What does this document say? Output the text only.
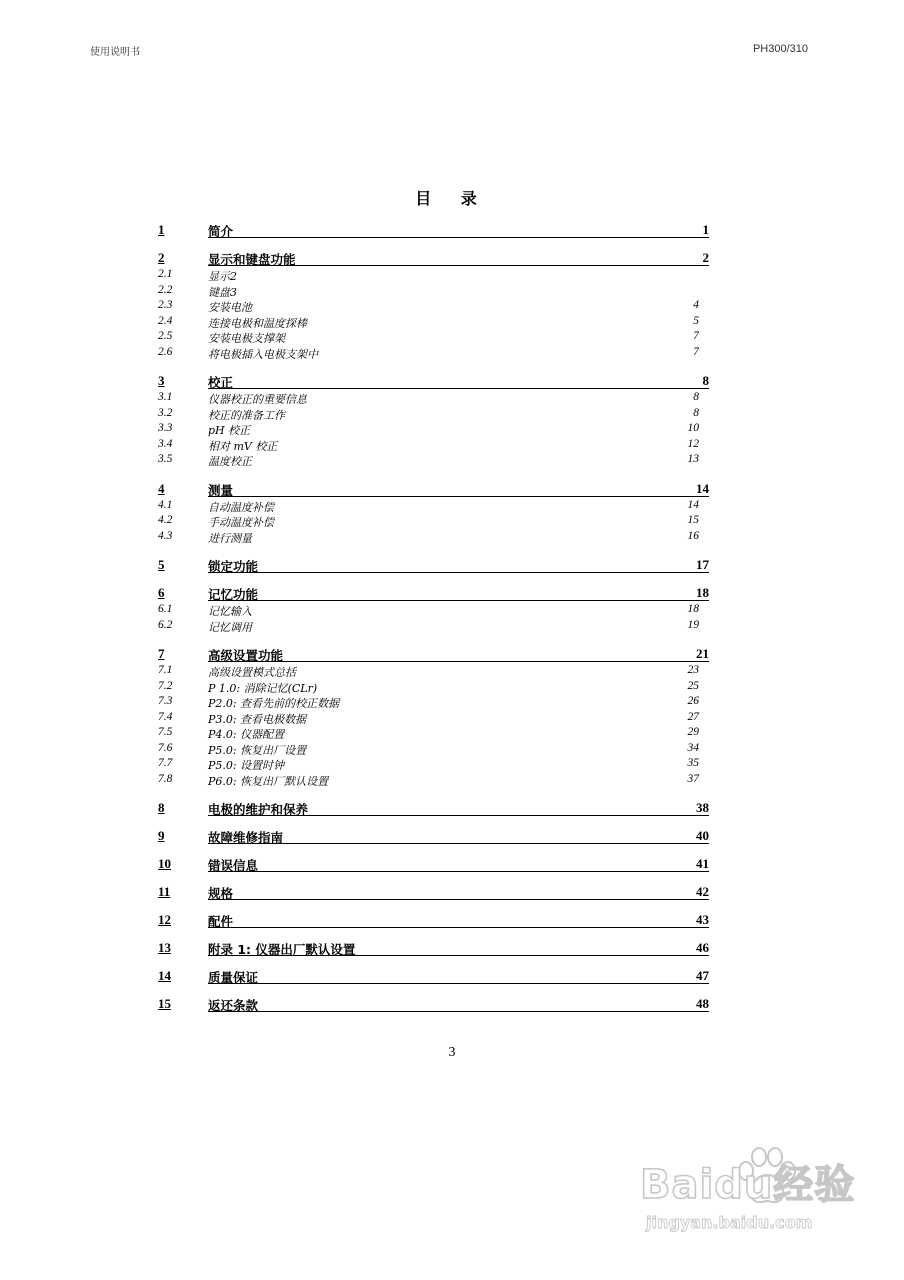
使用说明书	PH300/310
目 录
1	简介	1
2	显示和键盘功能	2
2.1	显示2
2.2	键盘3
2.3	安装电池	4
2.4	连接电极和温度探棒	5
2.5	安装电极支撑架	7
2.6	将电极插入电极支架中	7
3	校正	8
3.1	仪器校正的重要信息	8
3.2	校正的准备工作	8
3.3	pH 校正	10
3.4	相对 mV 校正	12
3.5	温度校正	13
4	测量	14
4.1	自动温度补偿	14
4.2	手动温度补偿	15
4.3	进行测量	16
5	锁定功能	17
6	记忆功能	18
6.1	记忆输入	18
6.2	记忆调用	19
7	高级设置功能	21
7.1	高级设置模式总括	23
7.2	P 1.0: 消除记忆(CLr)	25
7.3	P2.0: 查看先前的校正数据	26
7.4	P3.0: 查看电极数据	27
7.5	P4.0: 仪器配置	29
7.6	P5.0: 恢复出厂设置	34
7.7	P5.0: 设置时钟	35
7.8	P6.0: 恢复出厂默认设置	37
8	电极的维护和保养	38
9	故障维修指南	40
10	错误信息	41
11	规格	42
12	配件	43
13	附录 1: 仪器出厂默认设置	46
14	质量保证	47
15	返还条款	48
3
Baidu经验
jingyan.baidu.com
